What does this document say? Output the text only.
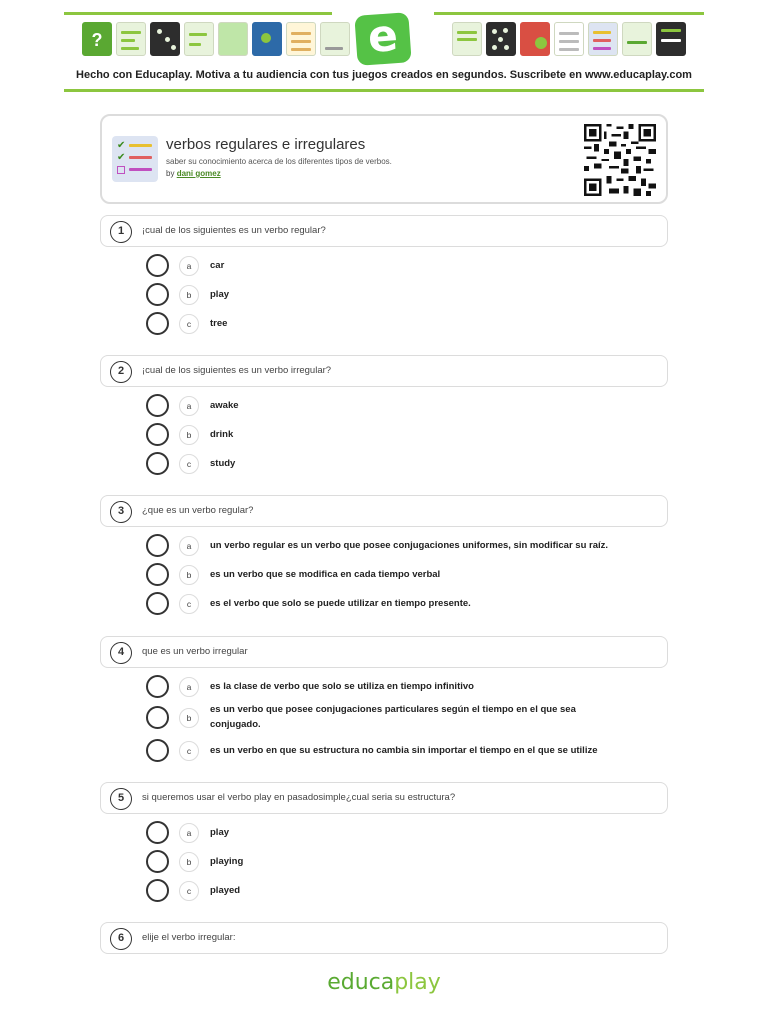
?	e
Hecho con Educaplay. Motiva a tu audiencia con tus juegos creados en segundos. Suscribete en www.educaplay.com
✔
✔
verbos regulares e irregulares
saber su conocimiento acerca de los diferentes tipos de verbos.
by dani gomez
1	¡cual de los siguientes es un verbo regular?
a	car
b	play
c	tree
2	¡cual de los siguientes es un verbo irregular?
a	awake
b	drink
c	study
3	¿que es un verbo regular?
a	un verbo regular es un verbo que posee conjugaciones uniformes, sin modificar su raíz.
b	es un verbo que se modifica en cada tiempo verbal
c	es el verbo que solo se puede utilizar en tiempo presente.
4	que es un verbo irregular
a	es la clase de verbo que solo se utiliza en tiempo infinitivo
b
es un verbo que posee conjugaciones particulares según el tiempo en el que sea conjugado.
c	es un verbo en que su estructura no cambia sin importar el tiempo en el que se utilize
5	si queremos usar el verbo play en pasadosimple¿cual seria su estructura?
a	play
b	playing
c	played
6	elije el verbo irregular:
educaplay
